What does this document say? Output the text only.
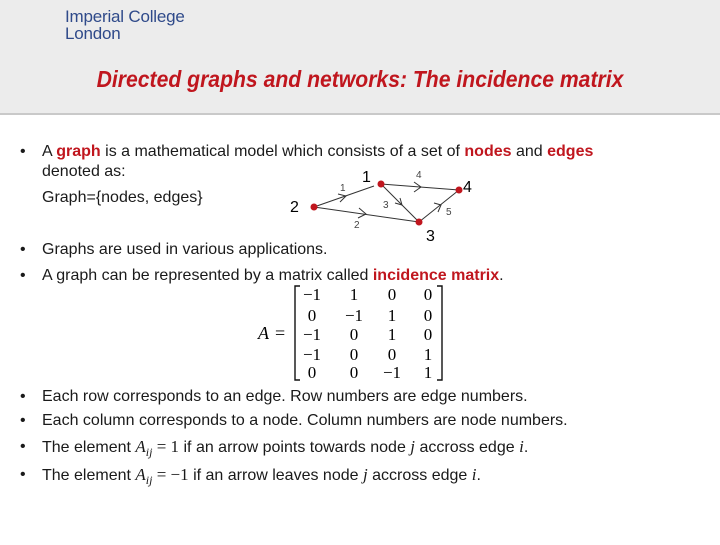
Imperial College
London
Directed graphs and networks: The incidence matrix
• A graph is a mathematical model which consists of a set of nodes and edges
denoted as:
Graph={nodes, edges}
1
2
3
4
1
2
3
4
5
• Graphs are used in various applications.
• A graph can be represented by a matrix called incidence matrix.
A =
−1 1 0 0
0 −1 1 0
−1 0 1 0
−1 0 0 1
0 0 −1 1
• Each row corresponds to an edge. Row numbers are edge numbers.
• Each column corresponds to a node. Column numbers are node numbers.
• The element $A_{ij} = 1$ if an arrow points towards node j accross edge i.
• The element $A_{ij} = -1$ if an arrow leaves node j accross edge i.
